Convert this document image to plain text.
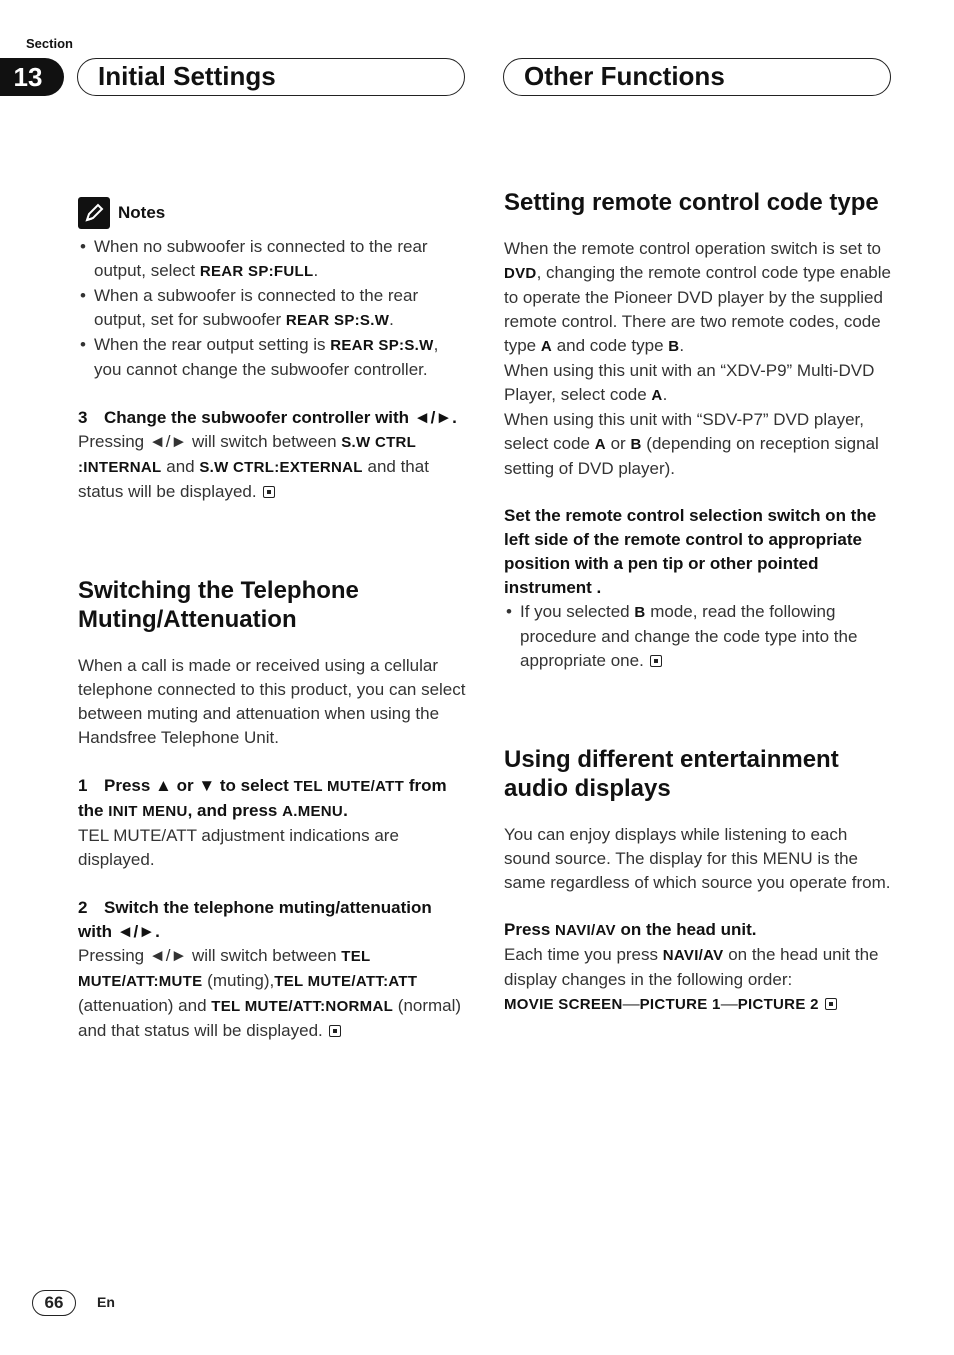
Section
13	Initial Settings	Other Functions
Notes
• When no subwoofer is connected to the rear output, select REAR SP:FULL.
• When a subwoofer is connected to the rear output, set for subwoofer REAR SP:S.W.
• When the rear output setting is REAR SP:S.W, you cannot change the subwoofer controller.
3 Change the subwoofer controller with ◄/►.

Pressing ◄/► will switch between S.W CTRL :INTERNAL and S.W CTRL:EXTERNAL and that status will be displayed.

Switching the Telephone Muting/Attenuation

When a call is made or received using a cellular telephone connected to this product, you can select between muting and attenuation when using the Handsfree Telephone Unit.

1 Press ▲ or ▼ to select TEL MUTE/ATT from the INIT MENU, and press A.MENU.

TEL MUTE/ATT adjustment indications are displayed.

2 Switch the telephone muting/attenuation with ◄/►.

Pressing ◄/► will switch between TEL MUTE/ATT:MUTE (muting),TEL MUTE/ATT:ATT (attenuation) and TEL MUTE/ATT:NORMAL (normal) and that status will be displayed.

Setting remote control code type

When the remote control operation switch is set to DVD, changing the remote control code type enable to operate the Pioneer DVD player by the supplied remote control. There are two remote codes, code type A and code type B.

When using this unit with an “XDV-P9” Multi-DVD Player, select code A.

When using this unit with “SDV-P7” DVD player, select code A or B (depending on reception signal setting of DVD player).

Set the remote control selection switch on the left side of the remote control to appropriate position with a pen tip or other pointed instrument .

• If you selected B mode, read the following procedure and change the code type into the appropriate one.
Using different entertainment audio displays

You can enjoy displays while listening to each sound source. The display for this MENU is the same regardless of which source you operate from.

Press NAVI/AV on the head unit.

Each time you press NAVI/AV on the head unit the display changes in the following order:

MOVIE SCREEN—PICTURE 1—PICTURE 2

66	En
